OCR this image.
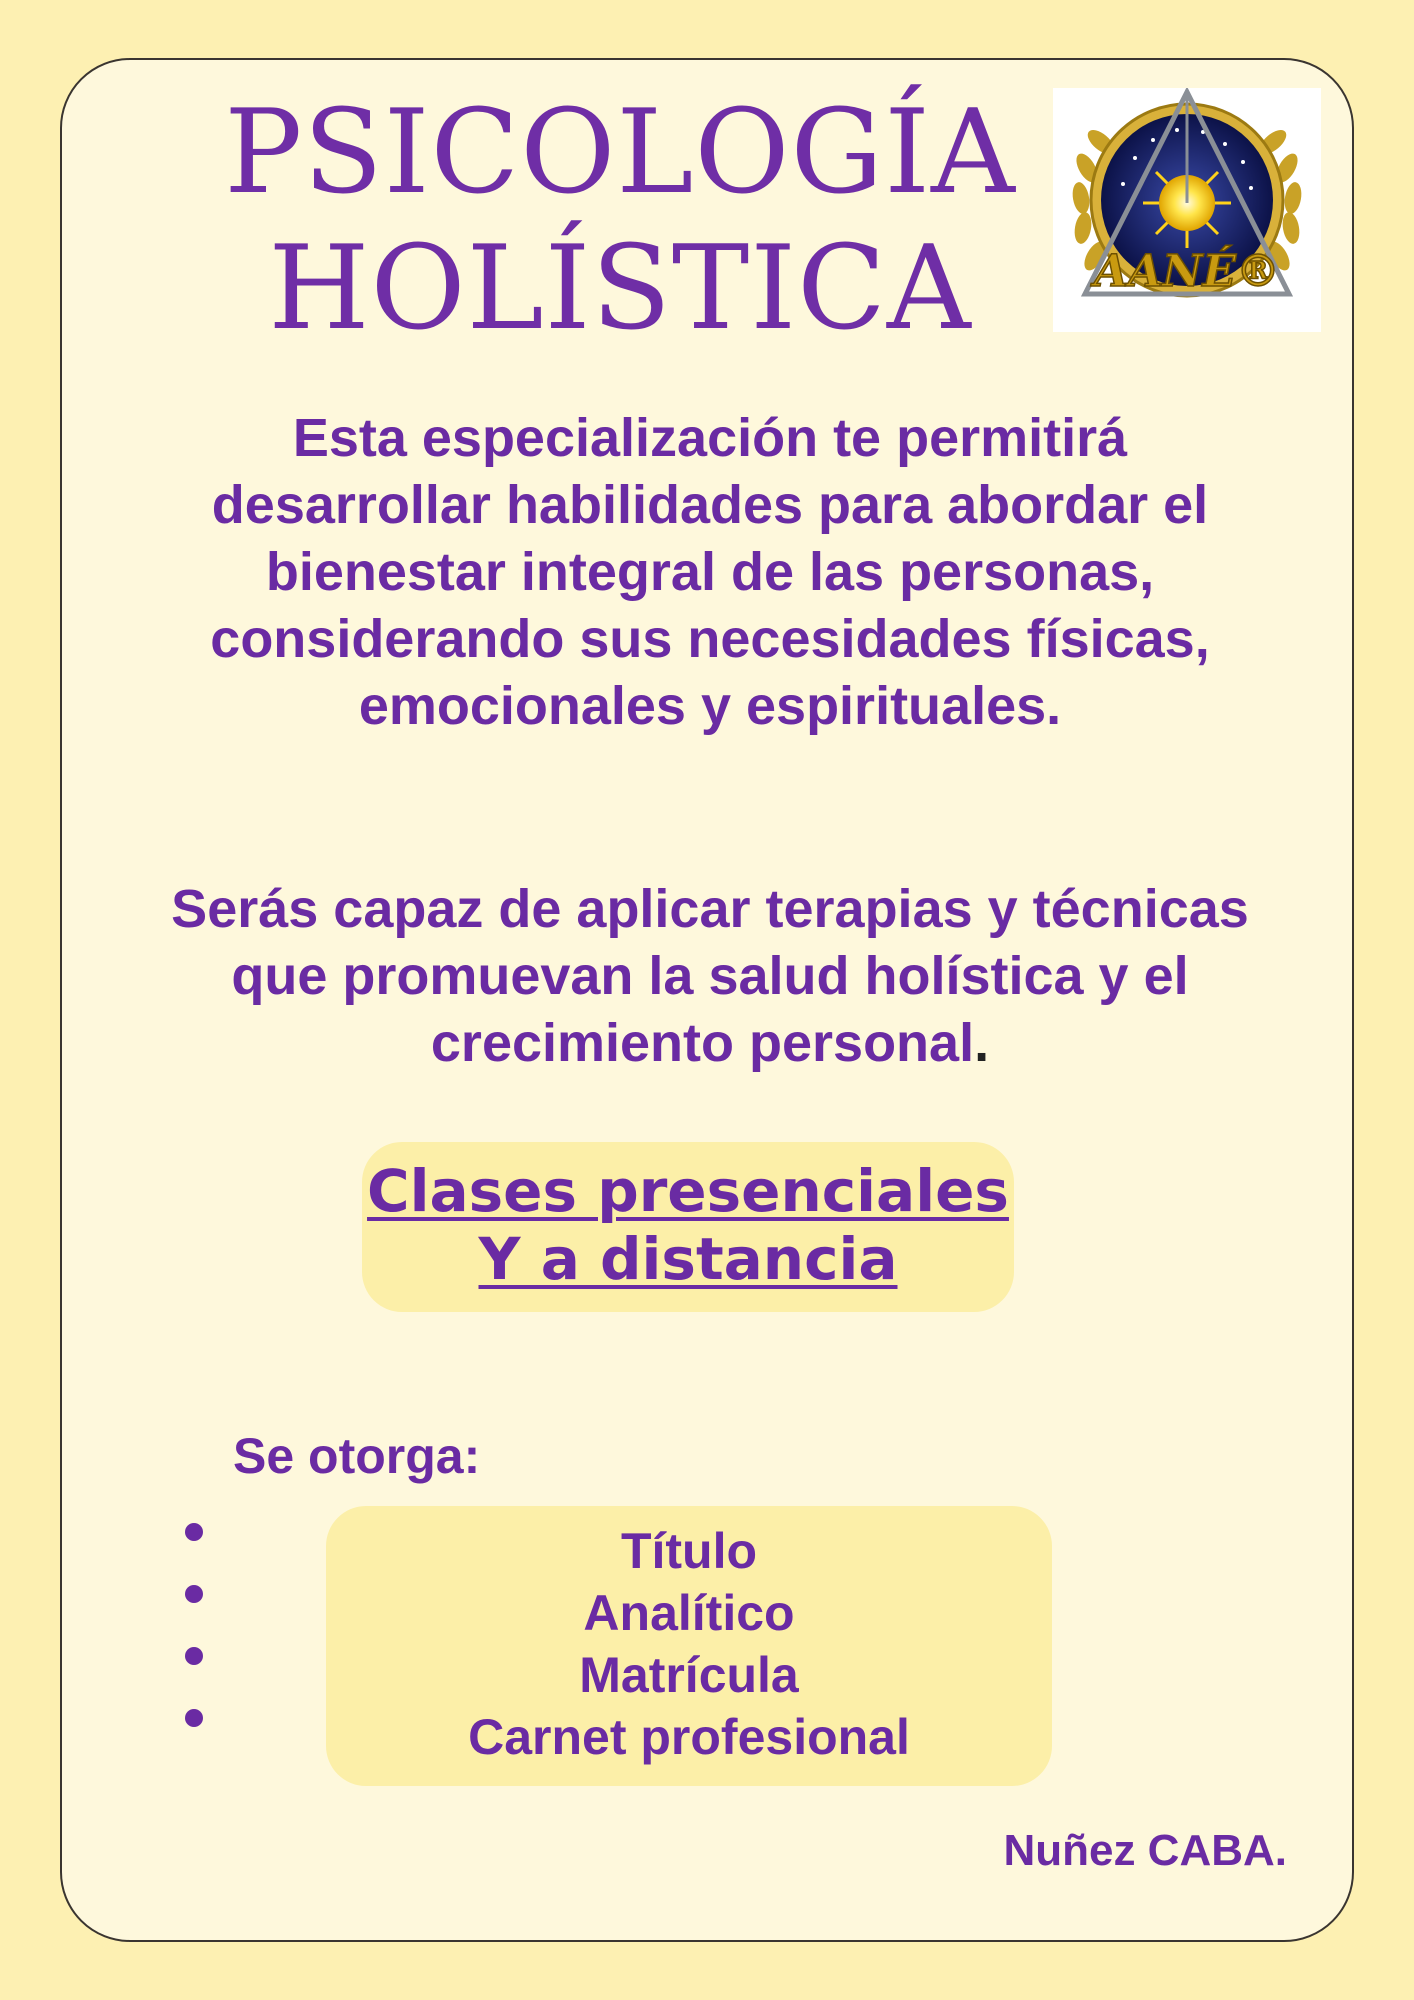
PSICOLOGÍA
HOLÍSTICA	AANÉ®
Esta especialización te permitirá desarrollar habilidades para abordar el bienestar integral de las personas, considerando sus necesidades físicas, emocionales y espirituales.
Serás capaz de aplicar terapias y técnicas que promuevan la salud holística y el crecimiento personal.
Clases presenciales
Y a distancia
Se otorga:
Título
Analítico
Matrícula
Carnet profesional
Nuñez CABA.
